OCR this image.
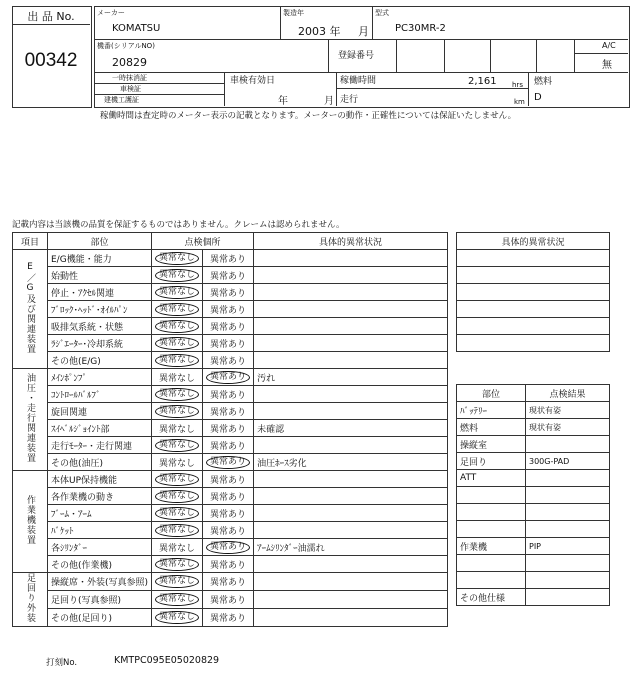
出 品 No.
00342
メーカー
KOMATSU
製造年
2003 年 月
型式
PC30MR-2
機番(シリアルNO)
20829	登録番号
A/C
無
一時抹消証
車検証
建機工護証
車検有効日
年	月
稼働時間	2,161 hrs
走行	km
燃料
D
稼働時間は査定時のメーター表示の記載となります。メーターの動作・正確性については保証いたしません。
記載内容は当該機の品質を保証するものではありません。クレームは認められません。
項目	部位	点検個所		具体的異常状況
E／G及び関連装置	E/G機能・能力	異常なし	異常あり	
	始動性	異常なし	異常あり	
	停止・ｱｸｾﾙ関連	異常なし	異常あり	
	ﾌﾞﾛｯｸ･ﾍｯﾄﾞ･ｵｲﾙﾊﾟﾝ	異常なし	異常あり	
	吸排気系統・状態	異常なし	異常あり	
	ﾗｼﾞｴｰﾀｰ･冷却系統	異常なし	異常あり	
	その他(E/G)	異常なし	異常あり	
油圧・走行関連装置	ﾒｲﾝﾎﾟﾝﾌﾟ	異常なし	異常あり	汚れ
	ｺﾝﾄﾛｰﾙﾊﾞﾙﾌﾞ	異常なし	異常あり	
	旋回関連	異常なし	異常あり	
	ｽｲﾍﾞﾙｼﾞｮｲﾝﾄ部	異常なし	異常あり	未確認
	走行ﾓｰﾀｰ・走行関連	異常なし	異常あり	
	その他(油圧)	異常なし	異常あり	油圧ﾎｰｽ劣化
作業機装置	本体UP保持機能	異常なし	異常あり	
	各作業機の動き	異常なし	異常あり	
	ﾌﾞｰﾑ・ｱｰﾑ	異常なし	異常あり	
	ﾊﾞｹｯﾄ	異常なし	異常あり	
	各ｼﾘﾝﾀﾞｰ	異常なし	異常あり	ｱｰﾑｼﾘﾝﾀﾞｰ油濡れ
	その他(作業機)	異常なし	異常あり	
足回り外装	操縦席・外装(写真参照)	異常なし	異常あり	
	足回り(写真参照)	異常なし	異常あり	
	その他(足回り)	異常なし	異常あり	
具体的異常状況

部位	点検結果
ﾊﾞｯﾃﾘｰ	現状有姿
燃料	現状有姿
操縦室	
足回り	300G-PAD
ATT	

作業機	PIP

その他仕様	
打刻No.	KMTPC095E05020829
